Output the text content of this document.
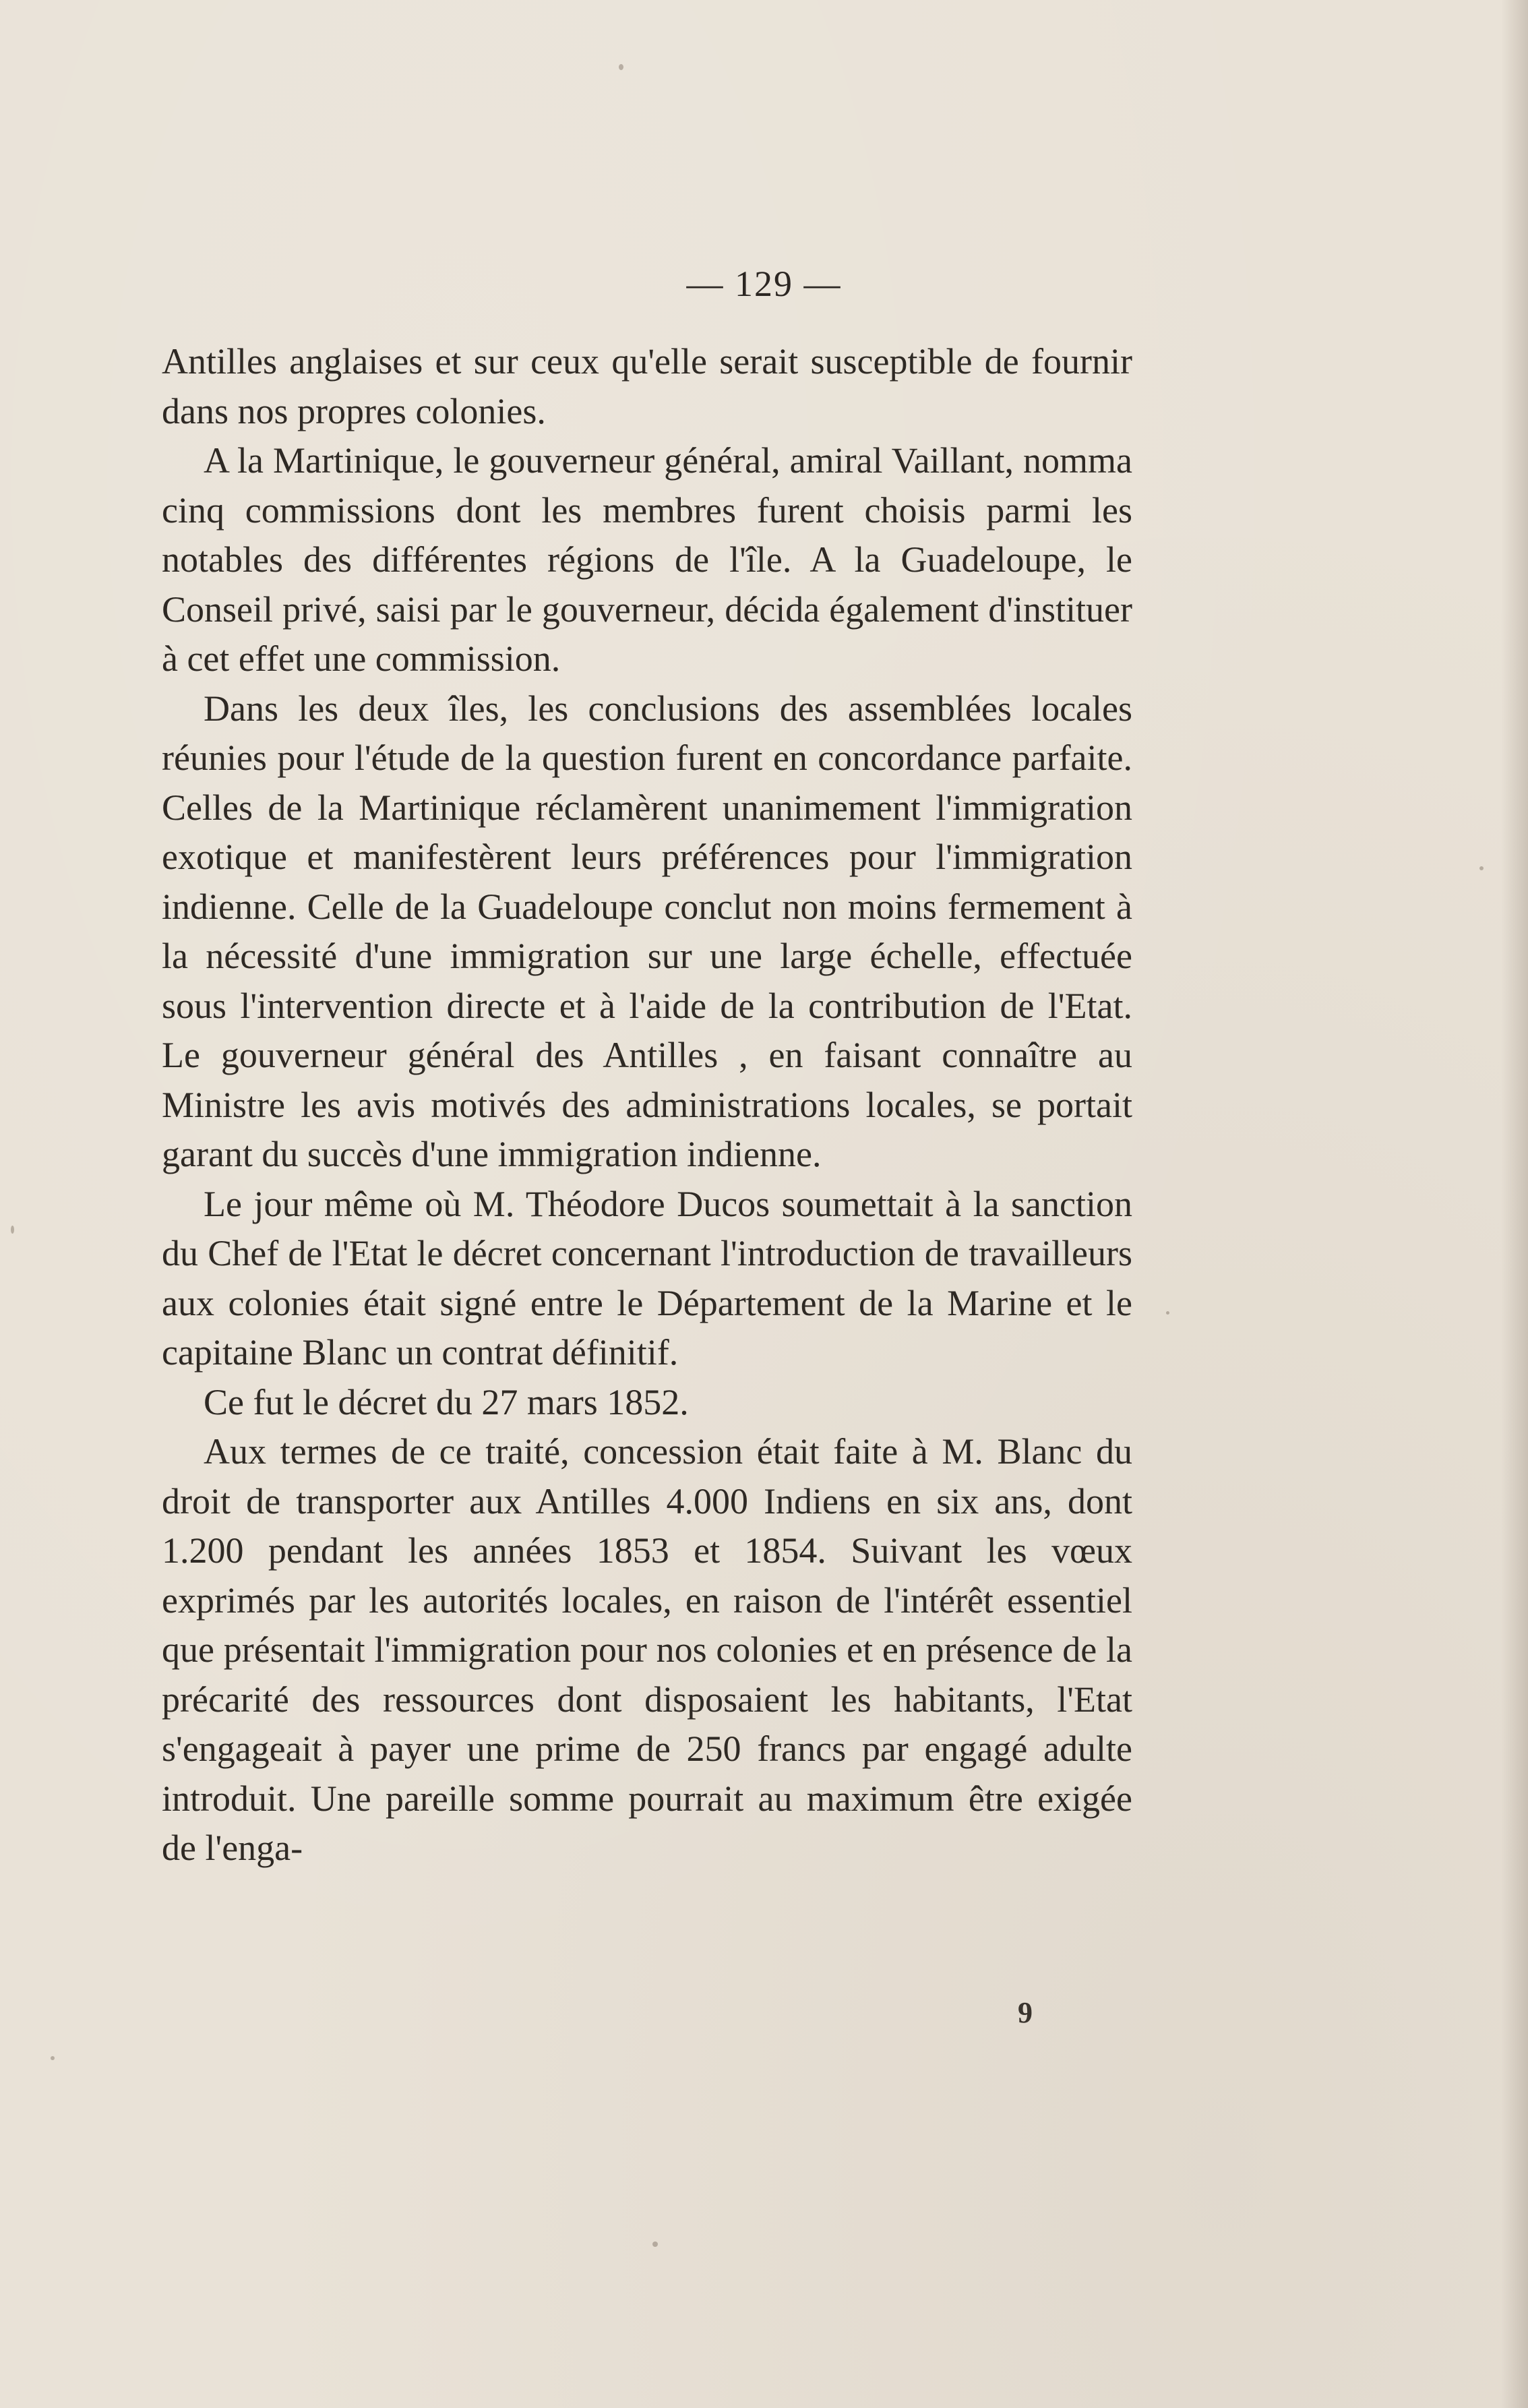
— 129 —

Antilles anglaises et sur ceux qu'elle serait susceptible de fournir dans nos propres colonies.

A la Martinique, le gouverneur général, amiral Vaillant, nomma cinq commissions dont les membres furent choisis parmi les notables des différentes régions de l'île. A la Guadeloupe, le Conseil privé, saisi par le gouverneur, décida également d'instituer à cet effet une commission.

Dans les deux îles, les conclusions des assemblées locales réunies pour l'étude de la question furent en concordance parfaite. Celles de la Martinique réclamèrent unanimement l'immigration exotique et manifestèrent leurs préférences pour l'immigration indienne. Celle de la Guadeloupe conclut non moins fermement à la nécessité d'une immigration sur une large échelle, effectuée sous l'intervention directe et à l'aide de la contribution de l'Etat. Le gouverneur général des Antilles , en faisant connaître au Ministre les avis motivés des administrations locales, se portait garant du succès d'une immigration indienne.

Le jour même où M. Théodore Ducos soumettait à la sanction du Chef de l'Etat le décret concernant l'introduction de travailleurs aux colonies était signé entre le Département de la Marine et le capitaine Blanc un contrat définitif.

Ce fut le décret du 27 mars 1852.

Aux termes de ce traité, concession était faite à M. Blanc du droit de transporter aux Antilles 4.000 Indiens en six ans, dont 1.200 pendant les années 1853 et 1854. Suivant les vœux exprimés par les autorités locales, en raison de l'intérêt essentiel que présentait l'immigration pour nos colonies et en présence de la précarité des ressources dont disposaient les habitants, l'Etat s'engageait à payer une prime de 250 francs par engagé adulte introduit. Une pareille somme pourrait au maximum être exigée de l'enga-

9
